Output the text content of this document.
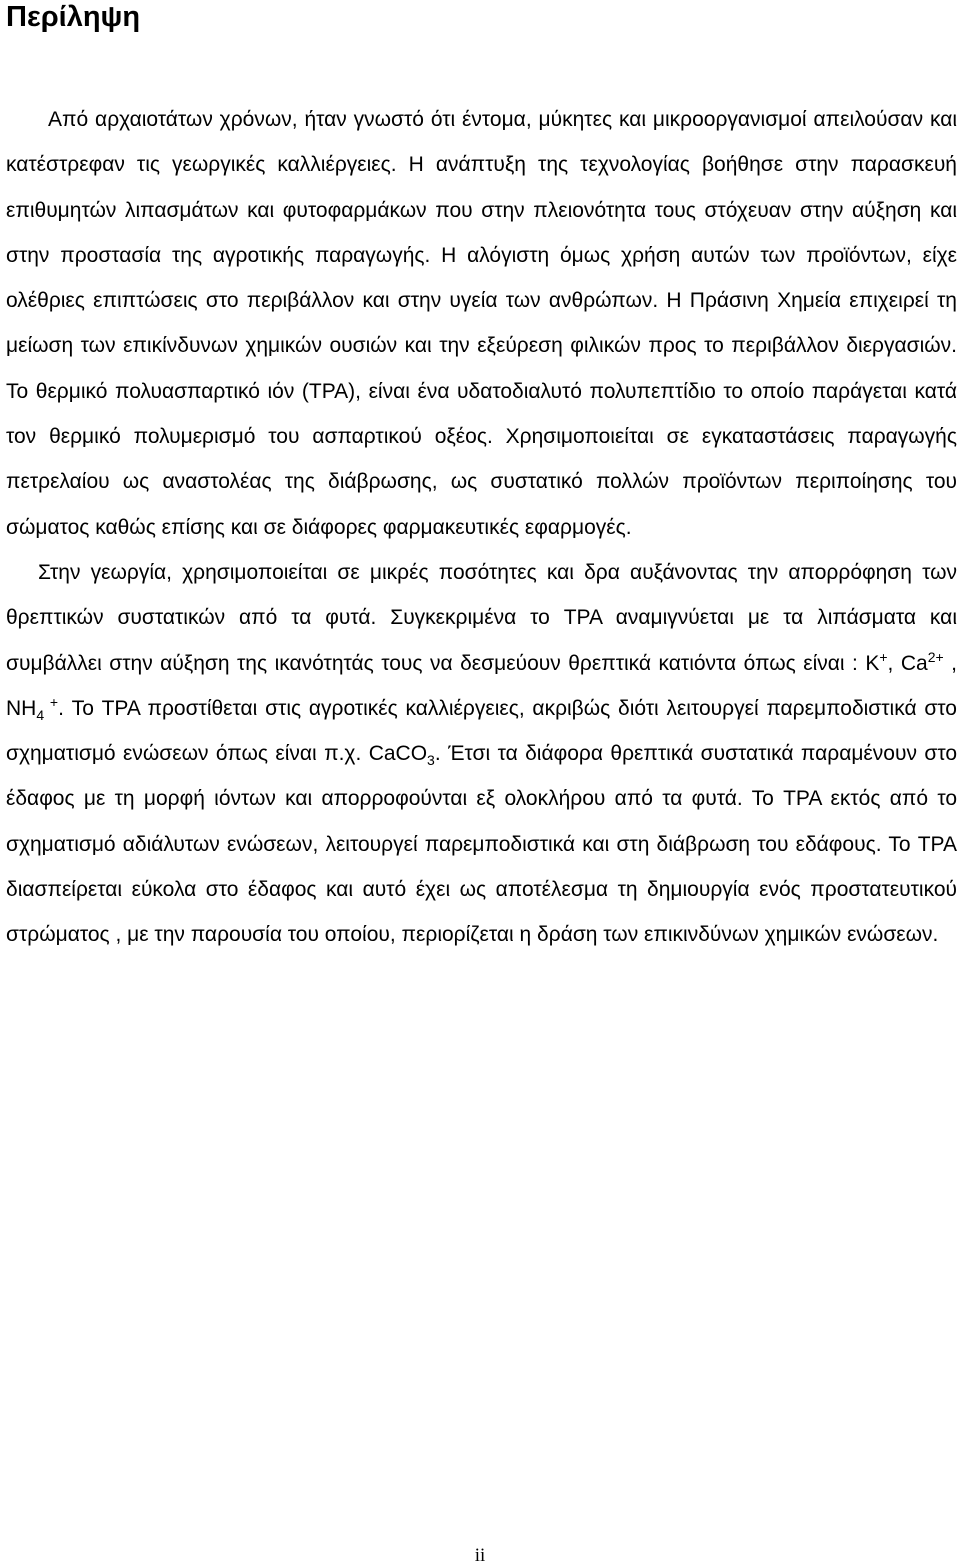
Περίληψη

Από αρχαιοτάτων χρόνων, ήταν γνωστό ότι έντομα, μύκητες και μικροοργανισμοί απειλούσαν και κατέστρεφαν τις γεωργικές καλλιέργειες. Η ανάπτυξη της τεχνολογίας βοήθησε στην παρασκευή επιθυμητών λιπασμάτων και φυτοφαρμάκων που στην πλειονότητα τους στόχευαν στην αύξηση και στην προστασία της αγροτικής παραγωγής. Η αλόγιστη όμως χρήση αυτών των προϊόντων, είχε ολέθριες επιπτώσεις στο περιβάλλον και στην υγεία των ανθρώπων. Η Πράσινη Χημεία επιχειρεί τη μείωση των επικίνδυνων χημικών ουσιών και την εξεύρεση φιλικών προς το περιβάλλον διεργασιών. Το θερμικό πολυασπαρτικό ιόν (TPA), είναι ένα υδατοδιαλυτό πολυπεπτίδιο το οποίο παράγεται κατά τον θερμικό πολυμερισμό του ασπαρτικού οξέος. Χρησιμοποιείται σε εγκαταστάσεις παραγωγής πετρελαίου ως αναστολέας της διάβρωσης, ως συστατικό πολλών προϊόντων περιποίησης του σώματος καθώς επίσης και σε διάφορες φαρμακευτικές εφαρμογές.

Στην γεωργία, χρησιμοποιείται σε μικρές ποσότητες και δρα αυξάνοντας την απορρόφηση των θρεπτικών συστατικών από τα φυτά. Συγκεκριμένα το TPA αναμιγνύεται με τα λιπάσματα και συμβάλλει στην αύξηση της ικανότητάς τους να δεσμεύουν θρεπτικά κατιόντα όπως είναι : K+, $Ca^{2+}$ , $NH_4$ +. Το TPA προστίθεται στις αγροτικές καλλιέργειες, ακριβώς διότι λειτουργεί παρεμποδιστικά στο σχηματισμό ενώσεων όπως είναι π.χ. CaCO$_3$. Έτσι τα διάφορα θρεπτικά συστατικά παραμένουν στο έδαφος με τη μορφή ιόντων και απορροφούνται εξ ολοκλήρου από τα φυτά. Το TPA εκτός από το σχηματισμό αδιάλυτων ενώσεων, λειτουργεί παρεμποδιστικά και στη διάβρωση του εδάφους. Το TPA διασπείρεται εύκολα στο έδαφος και αυτό έχει ως αποτέλεσμα τη δημιουργία ενός προστατευτικού στρώματος , με την παρουσία του οποίου, περιορίζεται η δράση των επικινδύνων χημικών ενώσεων.

ii
